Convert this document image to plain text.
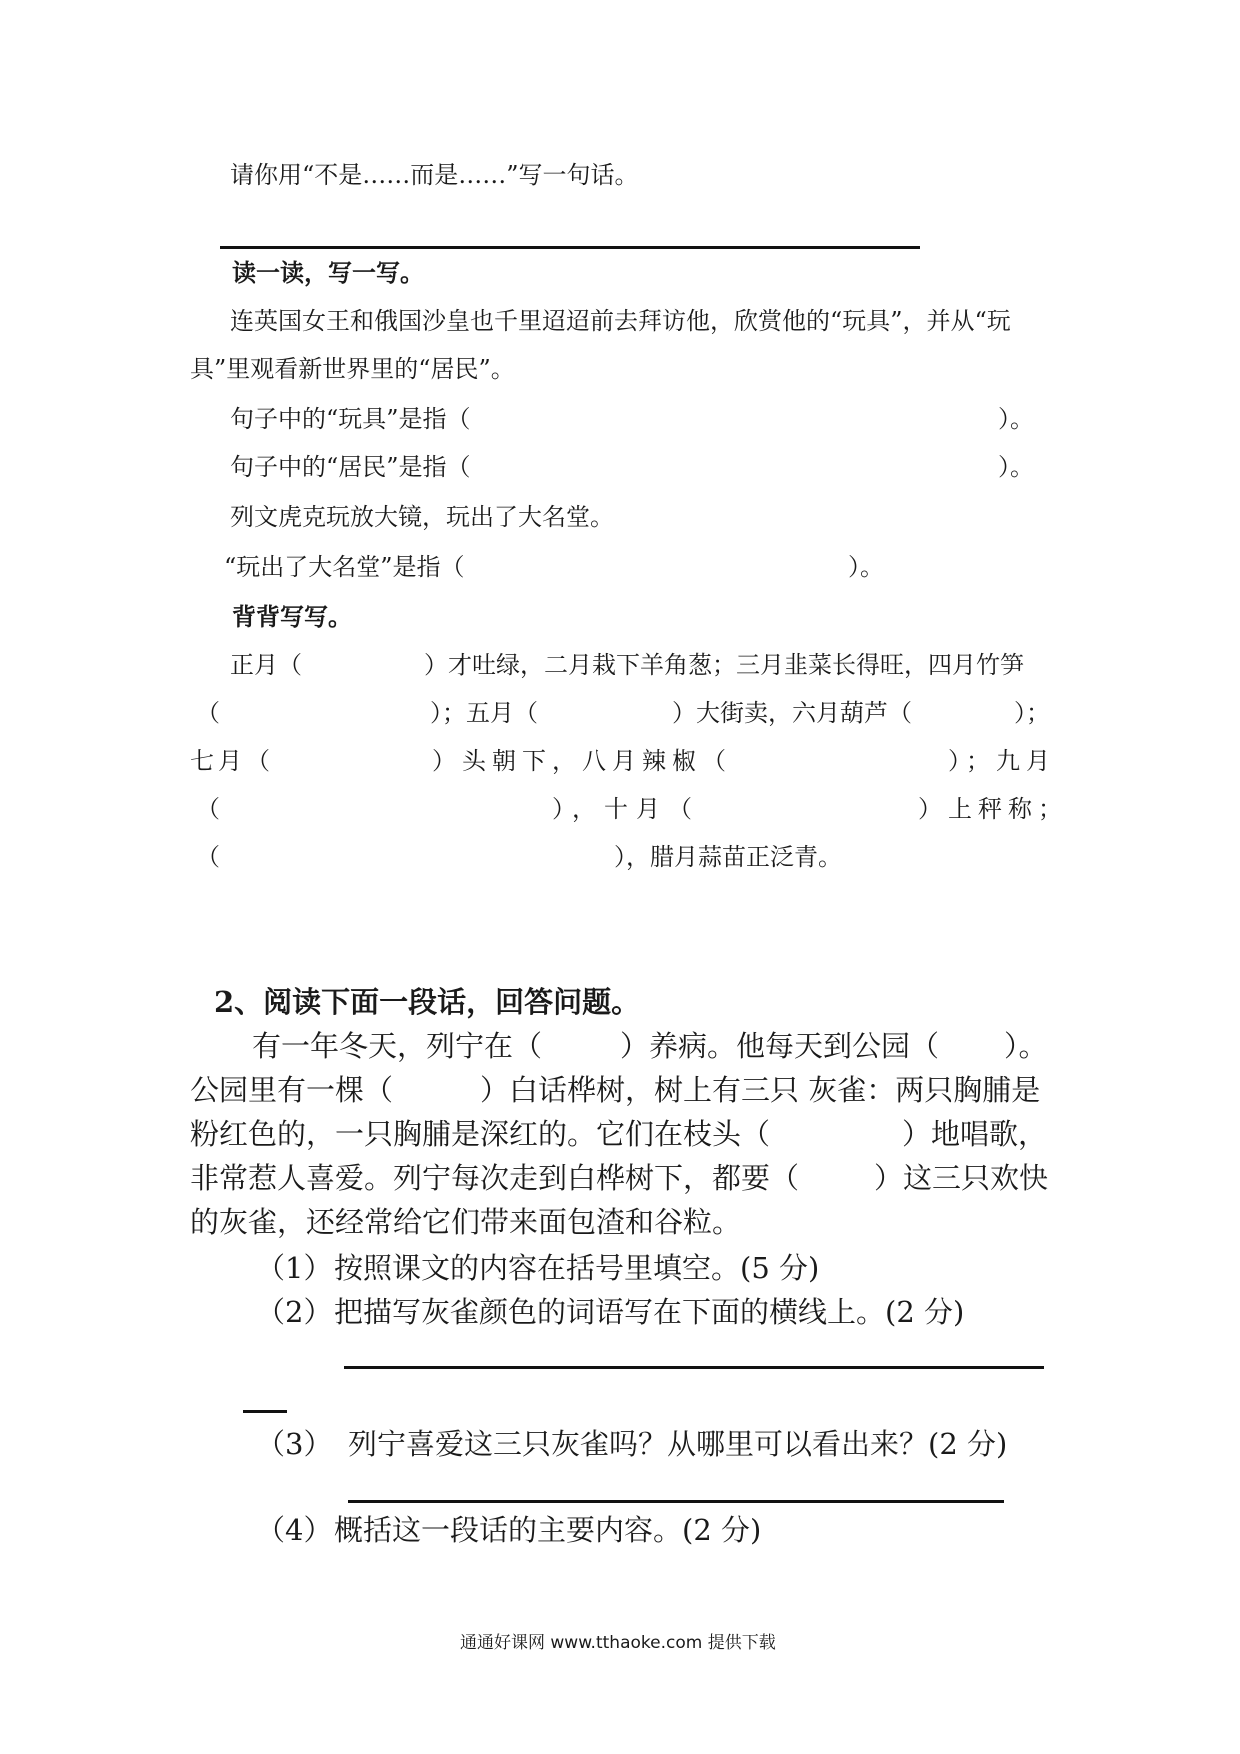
请你用“不是……而是……”写一句话。
读一读，写一写。
连英国女王和俄国沙皇也千里迢迢前去拜访他，欣赏他的“玩具”，并从“玩
具”里观看新世界里的“居民”。
句子中的“玩具”是指（	）。
句子中的“居民”是指（	）。
列文虎克玩放大镜，玩出了大名堂。
“玩出了大名堂”是指（	）。
背背写写。
正月（	）才吐绿，二月栽下羊角葱；三月韭菜长得旺，四月竹笋
（	）；五月（	）大街卖，六月葫芦（	）；
七月（	）头朝下，八月辣椒（	）；九月
（	），十月（	）上秤称；
（	），腊月蒜苗正泛青。
2、阅读下面一段话，回答问题。
有一年冬天，列宁在（	）养病。他每天到公园（ ）。
公园里有一棵（	）白话桦树，树上有三只 灰雀：两只胸脯是
粉红色的，一只胸脯是深红的。它们在枝头（	）地唱歌，
非常惹人喜爱。列宁每次走到白桦树下，都要（	）这三只欢快
的灰雀，还经常给它们带来面包渣和谷粒。
（1） 按照课文的内容在括号里填空。(5 分)
（2） 把描写灰雀颜色的词语写在下面的横线上。(2 分)
（3） 列宁喜爱这三只灰雀吗？从哪里可以看出来？(2 分)
（4） 概括这一段话的主要内容。(2 分)
通通好课网 www.tthaoke.com 提供下载
